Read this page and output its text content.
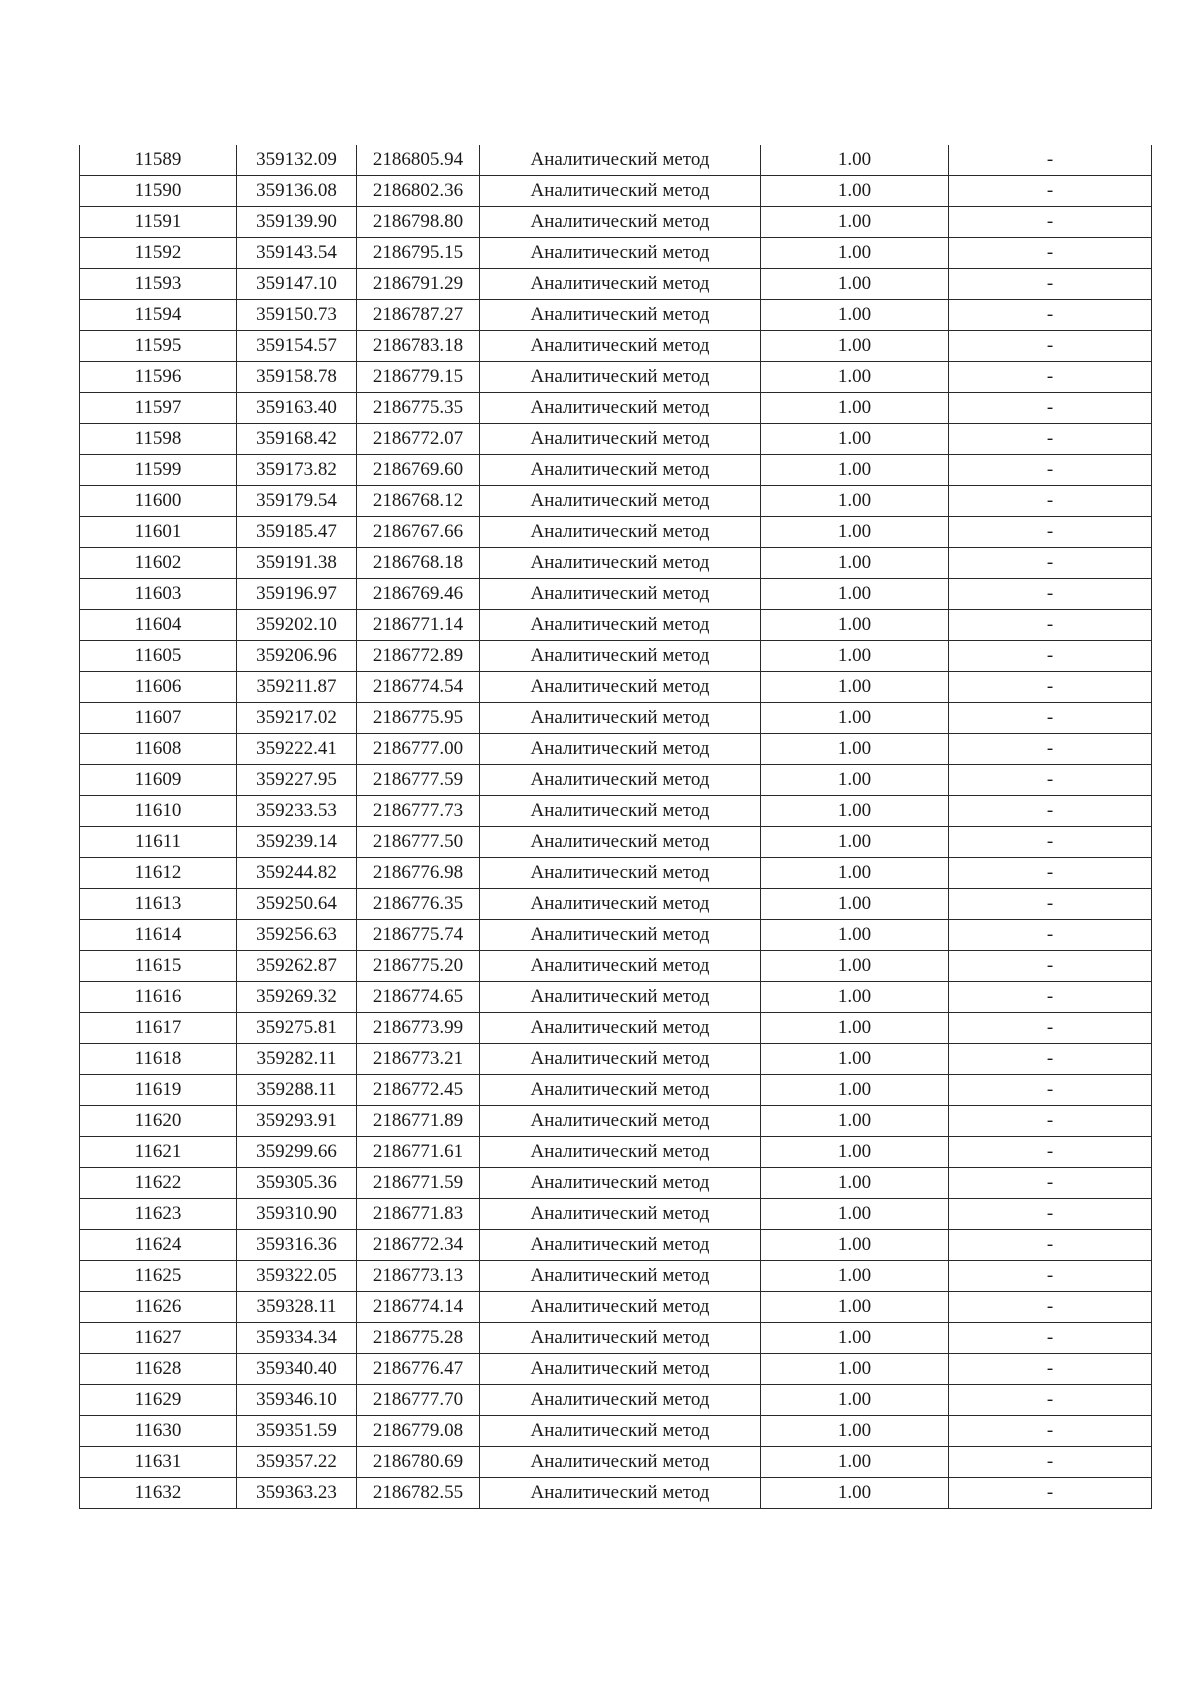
11589	359132.09	2186805.94	Аналитический метод	1.00	-
11590	359136.08	2186802.36	Аналитический метод	1.00	-
11591	359139.90	2186798.80	Аналитический метод	1.00	-
11592	359143.54	2186795.15	Аналитический метод	1.00	-
11593	359147.10	2186791.29	Аналитический метод	1.00	-
11594	359150.73	2186787.27	Аналитический метод	1.00	-
11595	359154.57	2186783.18	Аналитический метод	1.00	-
11596	359158.78	2186779.15	Аналитический метод	1.00	-
11597	359163.40	2186775.35	Аналитический метод	1.00	-
11598	359168.42	2186772.07	Аналитический метод	1.00	-
11599	359173.82	2186769.60	Аналитический метод	1.00	-
11600	359179.54	2186768.12	Аналитический метод	1.00	-
11601	359185.47	2186767.66	Аналитический метод	1.00	-
11602	359191.38	2186768.18	Аналитический метод	1.00	-
11603	359196.97	2186769.46	Аналитический метод	1.00	-
11604	359202.10	2186771.14	Аналитический метод	1.00	-
11605	359206.96	2186772.89	Аналитический метод	1.00	-
11606	359211.87	2186774.54	Аналитический метод	1.00	-
11607	359217.02	2186775.95	Аналитический метод	1.00	-
11608	359222.41	2186777.00	Аналитический метод	1.00	-
11609	359227.95	2186777.59	Аналитический метод	1.00	-
11610	359233.53	2186777.73	Аналитический метод	1.00	-
11611	359239.14	2186777.50	Аналитический метод	1.00	-
11612	359244.82	2186776.98	Аналитический метод	1.00	-
11613	359250.64	2186776.35	Аналитический метод	1.00	-
11614	359256.63	2186775.74	Аналитический метод	1.00	-
11615	359262.87	2186775.20	Аналитический метод	1.00	-
11616	359269.32	2186774.65	Аналитический метод	1.00	-
11617	359275.81	2186773.99	Аналитический метод	1.00	-
11618	359282.11	2186773.21	Аналитический метод	1.00	-
11619	359288.11	2186772.45	Аналитический метод	1.00	-
11620	359293.91	2186771.89	Аналитический метод	1.00	-
11621	359299.66	2186771.61	Аналитический метод	1.00	-
11622	359305.36	2186771.59	Аналитический метод	1.00	-
11623	359310.90	2186771.83	Аналитический метод	1.00	-
11624	359316.36	2186772.34	Аналитический метод	1.00	-
11625	359322.05	2186773.13	Аналитический метод	1.00	-
11626	359328.11	2186774.14	Аналитический метод	1.00	-
11627	359334.34	2186775.28	Аналитический метод	1.00	-
11628	359340.40	2186776.47	Аналитический метод	1.00	-
11629	359346.10	2186777.70	Аналитический метод	1.00	-
11630	359351.59	2186779.08	Аналитический метод	1.00	-
11631	359357.22	2186780.69	Аналитический метод	1.00	-
11632	359363.23	2186782.55	Аналитический метод	1.00	-
